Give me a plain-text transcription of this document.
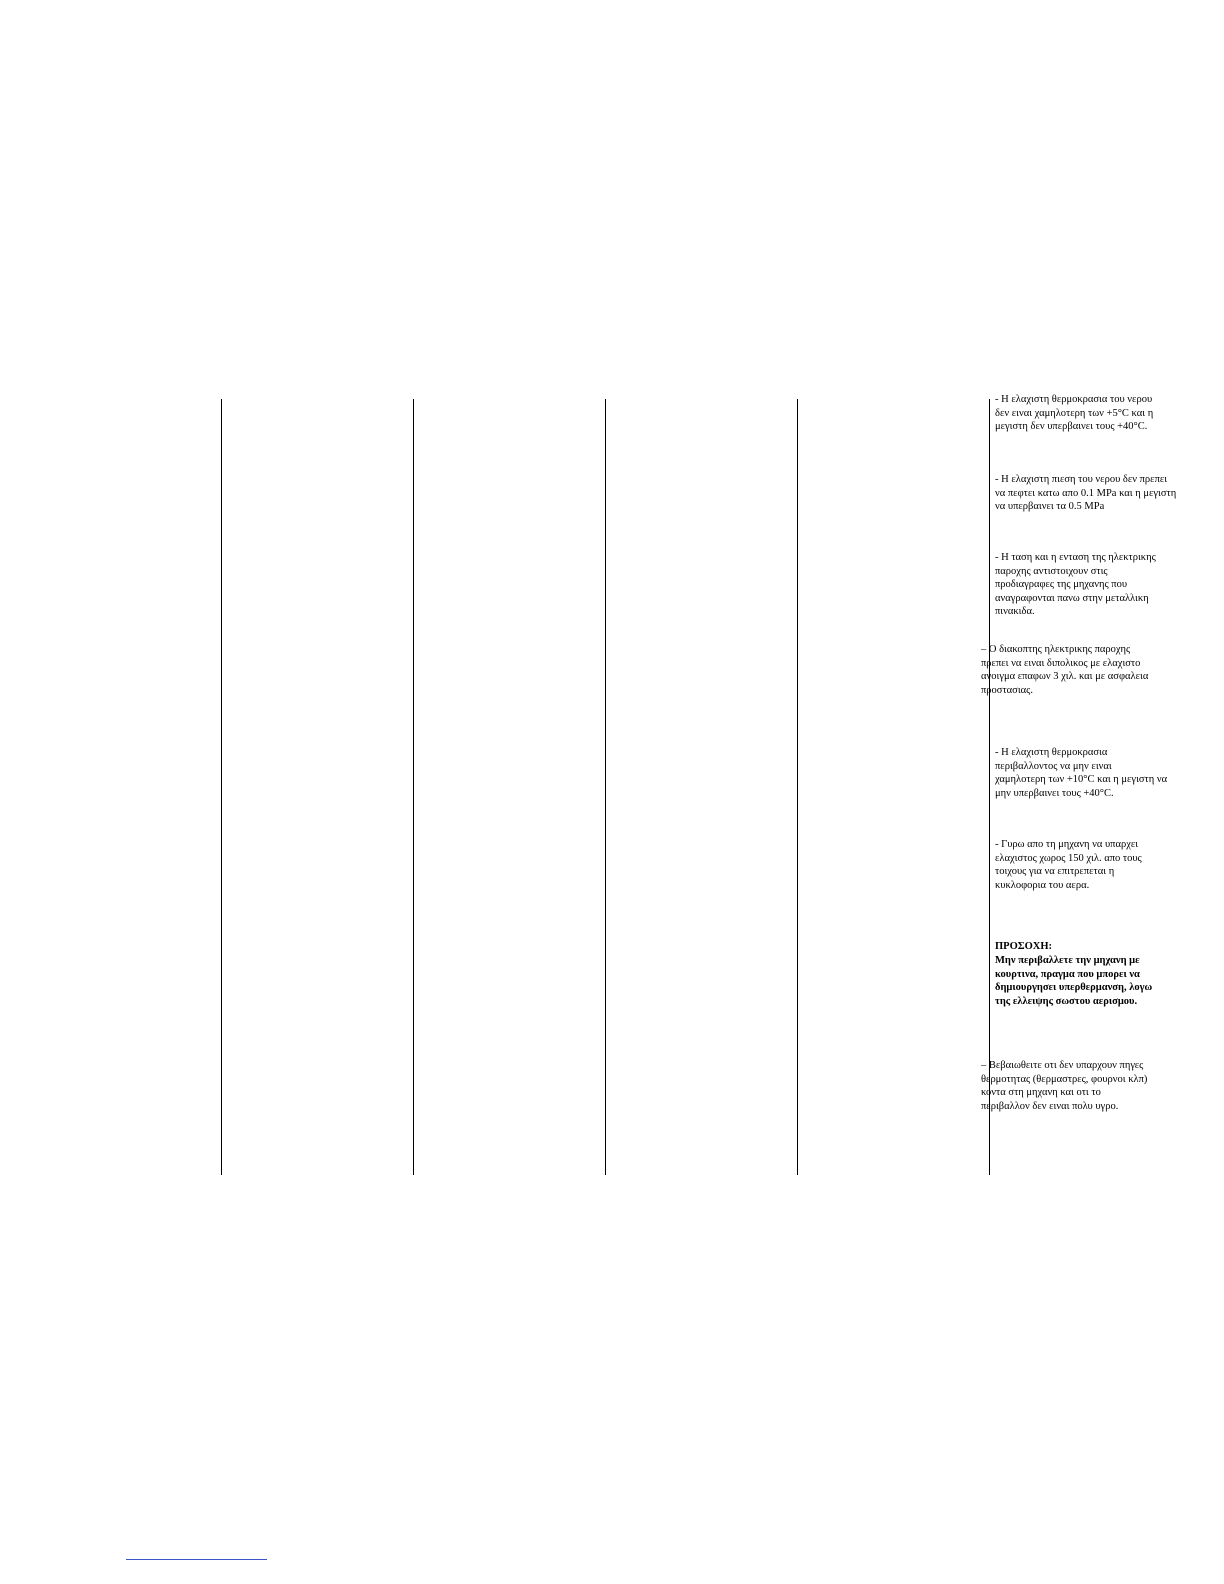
- Η ελαχιστη θερμοκρασια του νερου
δεν ειναι χαμηλοτερη των +5°C και η
μεγιστη δεν υπερβαινει τους +40°C.
- Η ελαχιστη πιεση του νερου δεν πρεπει
να πεφτει κατω απο 0.1 MPa και η μεγιστη
να υπερβαινει τα 0.5 MPa
- Η ταση και η ενταση της ηλεκτρικης
παροχης αντιστοιχουν στις
προδιαγραφες της μηχανης που
αναγραφονται πανω στην μεταλλικη
πινακιδα.
– Ο διακοπτης ηλεκτρικης παροχης
πρεπει να ειναι διπολικος με ελαχιστο
ανοιγμα επαφων 3 χιλ. και με ασφαλεια
προστασιας.
- Η ελαχιστη θερμοκρασια
περιβαλλοντος να μην ειναι
χαμηλοτερη των +10°C και η μεγιστη να
μην υπερβαινει τους +40°C.
- Γυρω απο τη μηχανη να υπαρχει
ελαχιστος χωρος 150 χιλ. απο τους
τοιχους για να επιτρεπεται η
κυκλοφορια του αερα.
ΠΡΟΣΟΧΗ:
Μην περιβαλλετε την μηχανη με
κουρτινα, πραγμα που μπορει να
δημιουργησει υπερθερμανση, λογω
της ελλειψης σωστου αερισμου.
– Βεβαιωθειτε οτι δεν υπαρχουν πηγες
θερμοτητας (θερμαστρες, φουρνοι κλπ)
κοντα στη μηχανη και οτι το
περιβαλλον δεν ειναι πολυ υγρο.
